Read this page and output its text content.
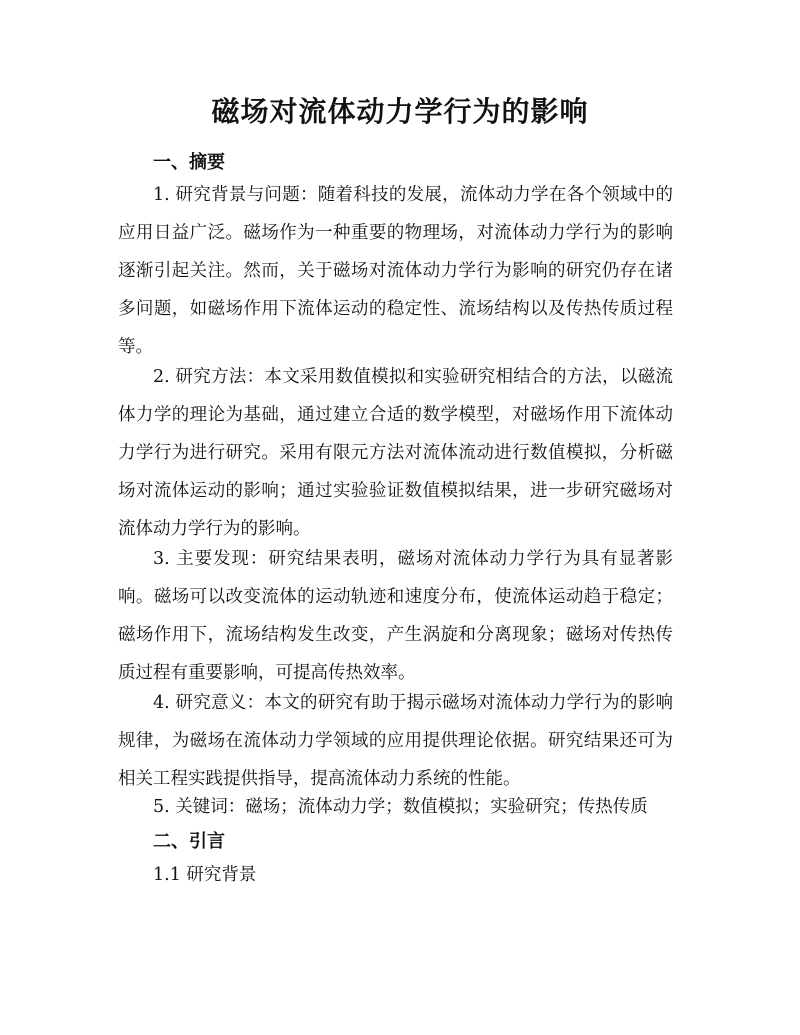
磁场对流体动力学行为的影响
一、摘要
1. 研究背景与问题：随着科技的发展，流体动力学在各个领域中的应用日益广泛。磁场作为一种重要的物理场，对流体动力学行为的影响逐渐引起关注。然而，关于磁场对流体动力学行为影响的研究仍存在诸多问题，如磁场作用下流体运动的稳定性、流场结构以及传热传质过程等。
2. 研究方法：本文采用数值模拟和实验研究相结合的方法，以磁流体力学的理论为基础，通过建立合适的数学模型，对磁场作用下流体动力学行为进行研究。采用有限元方法对流体流动进行数值模拟，分析磁场对流体运动的影响；通过实验验证数值模拟结果，进一步研究磁场对流体动力学行为的影响。
3. 主要发现：研究结果表明，磁场对流体动力学行为具有显著影响。磁场可以改变流体的运动轨迹和速度分布，使流体运动趋于稳定；磁场作用下，流场结构发生改变，产生涡旋和分离现象；磁场对传热传质过程有重要影响，可提高传热效率。
4. 研究意义：本文的研究有助于揭示磁场对流体动力学行为的影响规律，为磁场在流体动力学领域的应用提供理论依据。研究结果还可为相关工程实践提供指导，提高流体动力系统的性能。
5. 关键词：磁场；流体动力学；数值模拟；实验研究；传热传质
二、引言
1.1 研究背景
